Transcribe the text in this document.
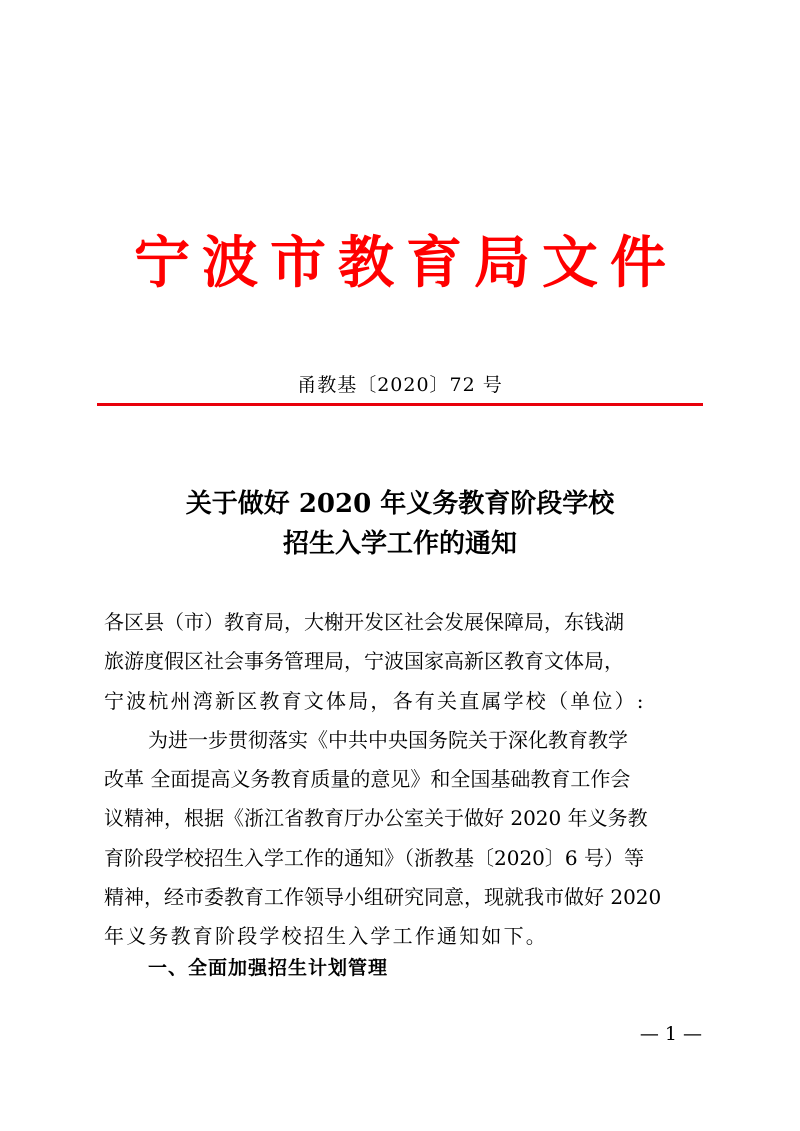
宁波市教育局文件
甬教基〔2020〕72 号
关于做好 2020 年义务教育阶段学校
招生入学工作的通知

各区县（市）教育局，大榭开发区社会发展保障局，东钱湖
旅游度假区社会事务管理局，宁波国家高新区教育文体局，
宁波杭州湾新区教育文体局，各有关直属学校（单位）:

为进一步贯彻落实《中共中央国务院关于深化教育教学
改革 全面提高义务教育质量的意见》和全国基础教育工作会
议精神，根据《浙江省教育厅办公室关于做好 2020 年义务教
育阶段学校招生入学工作的通知》（浙教基〔2020〕6 号）等
精神，经市委教育工作领导小组研究同意，现就我市做好 2020
年义务教育阶段学校招生入学工作通知如下。

一、全面加强招生计划管理
— 1 —
